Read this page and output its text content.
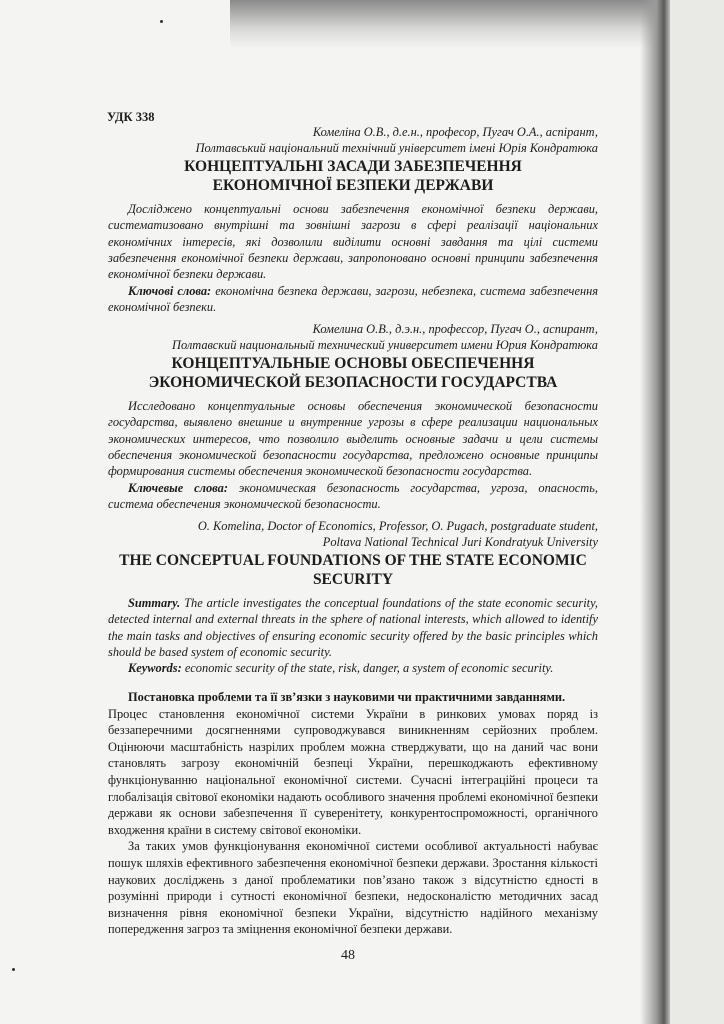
УДК 338
Комеліна О.В., д.е.н., професор, Пугач О.А., аспірант,
Полтавський національний технічний університет імені Юрія Кондратюка
КОНЦЕПТУАЛЬНІ ЗАСАДИ ЗАБЕЗПЕЧЕННЯ
ЕКОНОМІЧНОЇ БЕЗПЕКИ ДЕРЖАВИ
Досліджено концептуальні основи забезпечення економічної безпеки держави,
систематизовано внутрішні та зовнішні загрози в сфері реалізації національних
економічних інтересів, які дозволили виділити основні завдання та цілі системи
забезпечення економічної безпеки держави, запропоновано основні принципи забезпечення
економічної безпеки держави.
Ключові слова: економічна безпека держави, загрози, небезпека, система забезпечення
економічної безпеки.
Комелина О.В., д.э.н., профессор, Пугач О., аспирант,
Полтавский национальный технический университет имени Юрия Кондратюка
КОНЦЕПТУАЛЬНЫЕ ОСНОВЫ ОБЕСПЕЧЕННЯ
ЭКОНОМИЧЕСКОЙ БЕЗОПАСНОСТИ ГОСУДАРСТВА
Исследовано концептуальные основы обеспечения экономической безопасности
государства, выявлено внешние и внутренние угрозы в сфере реализации национальных
экономических интересов, что позволило выделить основные задачи и цели системы
обеспечения экономической безопасности государства, предложено основные принципы
формирования системы обеспечения экономической безопасности государства.
Ключевые слова: экономическая безопасность государства, угроза, опасность,
система обеспечения экономической безопасности.
O. Komelina, Doctor of Economics, Professor, O. Pugach, postgraduate student,
Poltava National Technical Juri Kondratyuk University
THE CONCEPTUAL FOUNDATIONS OF THE STATE ECONOMIC
SECURITY
Summary. The article investigates the conceptual foundations of the state economic security,
detected internal and external threats in the sphere of national interests, which allowed to identify
the main tasks and objectives of ensuring economic security offered by the basic principles which
should be based system of economic security.
Keywords: economic security of the state, risk, danger, a system of economic security.
Постановка проблеми та її зв’язки з науковими чи практичними завданнями.
Процес становлення економічної системи України в ринкових умовах поряд із
беззаперечними досягненнями супроводжувався виникненням серйозних проблем.
Оцінюючи масштабність назрілих проблем можна стверджувати, що на даний час вони
становлять загрозу економічній безпеці України, перешкоджають ефективному
функціонуванню національної економічної системи. Сучасні інтеграційні процеси та
глобалізація світової економіки надають особливого значення проблемі економічної безпеки
держави як основи забезпечення її суверенітету, конкурентоспроможності, органічного
входження країни в систему світової економіки.
За таких умов функціонування економічної системи особливої актуальності набуває
пошук шляхів ефективного забезпечення економічної безпеки держави. Зростання кількості
наукових досліджень з даної проблематики пов’язано також з відсутністю єдності в
розумінні природи і сутності економічної безпеки, недосконалістю методичних засад
визначення рівня економічної безпеки України, відсутністю надійного механізму
попередження загроз та зміцнення економічної безпеки держави.
48
